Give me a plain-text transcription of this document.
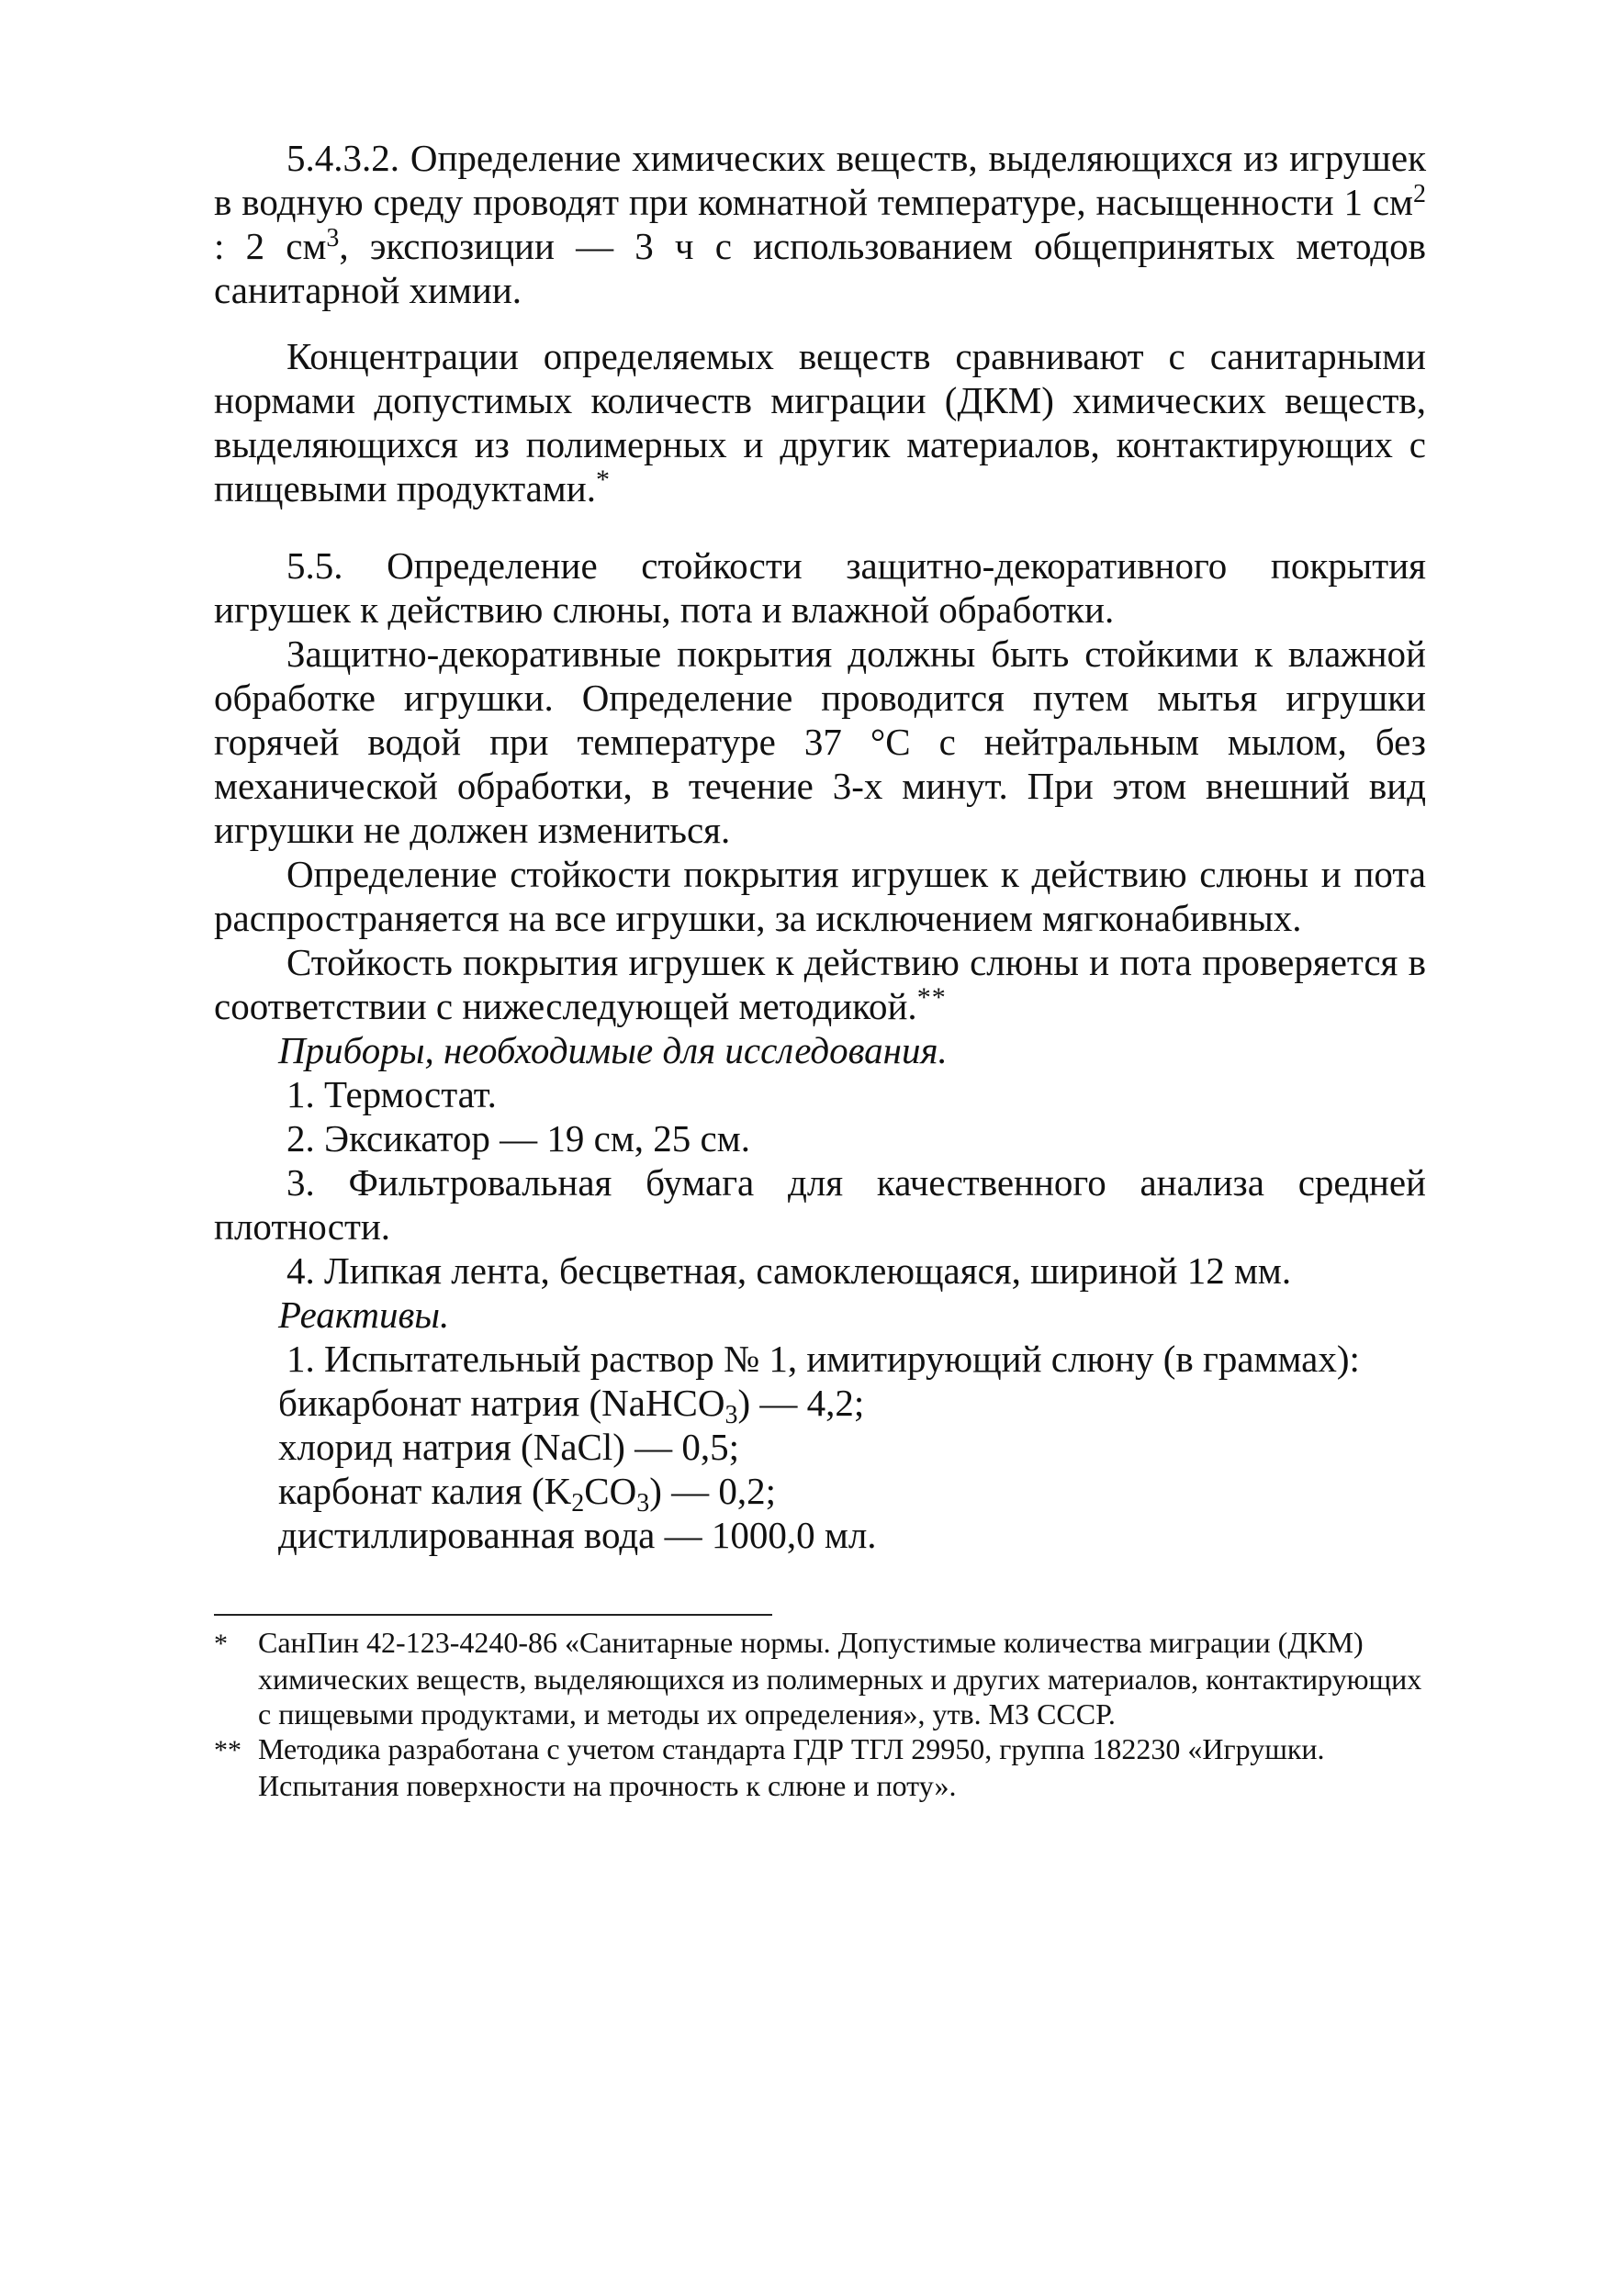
5.4.3.2. Определение химических веществ, выделяющихся из игрушек в водную среду проводят при комнатной температуре, насыщенности 1 $см^2$ : 2 $см^3$, экспозиции — 3 ч с использованием общепринятых методов санитарной химии.

Концентрации определяемых веществ сравнивают с санитарными нормами допустимых количеств миграции (ДКМ) химических веществ, выделяющихся из полимерных и другик материалов, контактирующих с пищевыми продуктами.*

5.5. Определение стойкости защитно-декоративного покрытия игрушек к действию слюны, пота и влажной обработки.

Защитно-декоративные покрытия должны быть стойкими к влажной обработке игрушки. Определение проводится путем мытья игрушки горячей водой при температуре 37 °С с нейтральным мылом, без механической обработки, в течение 3-х минут. При этом внешний вид игрушки не должен измениться.

Определение стойкости покрытия игрушек к действию слюны и пота распространяется на все игрушки, за исключением мягконабивных.

Стойкость покрытия игрушек к действию слюны и пота проверяется в соответствии с нижеследующей методикой.**

Приборы, необходимые для исследования.

1. Термостат.

2. Эксикатор — 19 см, 25 см.

3. Фильтровальная бумага для качественного анализа средней плотности.

4. Липкая лента, бесцветная, самоклеющаяся, шириной 12 мм.

Реактивы.

1. Испытательный раствор № 1, имитирующий слюну (в граммах):

бикарбонат натрия (NaHCO$_3$) — 4,2;

хлорид натрия (NaCl) — 0,5;

карбонат калия $(K_2CO_3)$ — 0,2;

дистиллированная вода — 1000,0 мл.

* СанПин 42-123-4240-86 «Санитарные нормы. Допустимые количества миграции (ДКМ) химических веществ, выделяющихся из полимерных и других материалов, контактирующих с пищевыми продуктами, и методы их определения», утв. МЗ СССР.

** Методика разработана с учетом стандарта ГДР ТГЛ 29950, группа 182230 «Игрушки. Испытания поверхности на прочность к слюне и поту».
